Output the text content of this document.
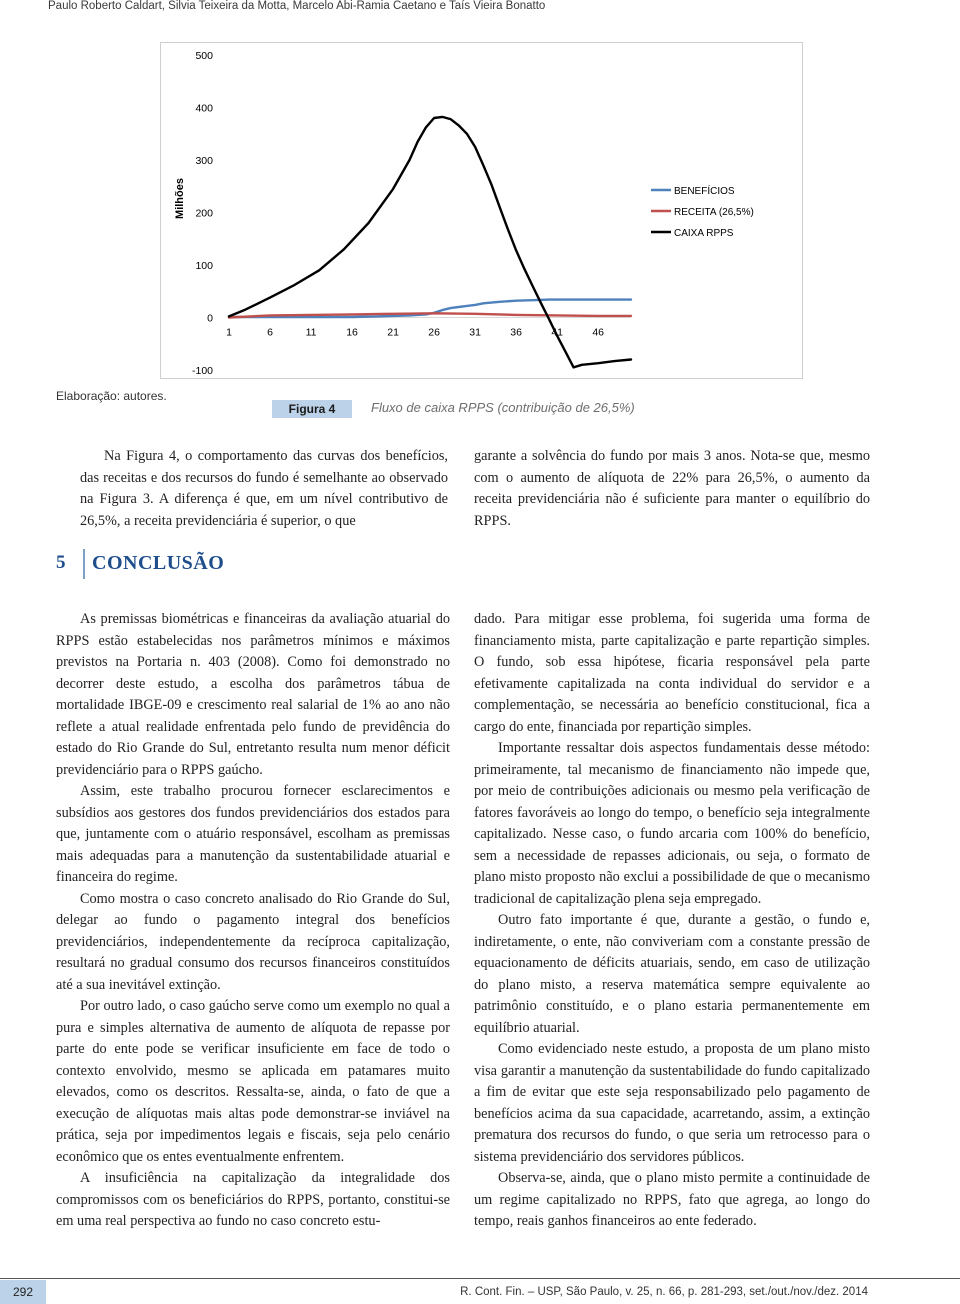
Paulo Roberto Caldart, Silvia Teixeira da Motta, Marcelo Abi-Ramia Caetano e Taís Vieira Bonatto
500
400
300
200
100
0
-100
1	6	11	16	21	26	31	36	41	46
Milhões	BENEFÍCIOS
RECEITA (26,5%)
CAIXA RPPS
Elaboração: autores.
Figura 4	Fluxo de caixa RPPS (contribuição de 26,5%)

Na Figura 4, o comportamento das curvas dos benefícios, das receitas e dos recursos do fundo é semelhante ao observado na Figura 3. A diferença é que, em um nível contributivo de 26,5%, a receita previdenciária é superior, o que

garante a solvência do fundo por mais 3 anos. Nota-se que, mesmo com o aumento de alíquota de 22% para 26,5%, o aumento da receita previdenciária não é suficiente para manter o equilíbrio do RPPS.

5	CONCLUSÃO

As premissas biométricas e financeiras da avaliação atuarial do RPPS estão estabelecidas nos parâmetros mínimos e máximos previstos na Portaria n. 403 (2008). Como foi demonstrado no decorrer deste estudo, a escolha dos parâmetros tábua de mortalidade IBGE-09 e crescimento real salarial de 1% ao ano não reflete a atual realidade enfrentada pelo fundo de previdência do estado do Rio Grande do Sul, entretanto resulta num menor déficit previdenciário para o RPPS gaúcho.

Assim, este trabalho procurou fornecer esclarecimentos e subsídios aos gestores dos fundos previdenciários dos estados para que, juntamente com o atuário responsável, escolham as premissas mais adequadas para a manutenção da sustentabilidade atuarial e financeira do regime.

Como mostra o caso concreto analisado do Rio Grande do Sul, delegar ao fundo o pagamento integral dos benefícios previdenciários, independentemente da recíproca capitalização, resultará no gradual consumo dos recursos financeiros constituídos até a sua inevitável extinção.

Por outro lado, o caso gaúcho serve como um exemplo no qual a pura e simples alternativa de aumento de alíquota de repasse por parte do ente pode se verificar insuficiente em face de todo o contexto envolvido, mesmo se aplicada em patamares muito elevados, como os descritos. Ressalta-se, ainda, o fato de que a execução de alíquotas mais altas pode demonstrar-se inviável na prática, seja por impedimentos legais e fiscais, seja pelo cenário econômico que os entes eventualmente enfrentem.

A insuficiência na capitalização da integralidade dos compromissos com os beneficiários do RPPS, portanto, constitui-se em uma real perspectiva ao fundo no caso concreto estu-

dado. Para mitigar esse problema, foi sugerida uma forma de financiamento mista, parte capitalização e parte repartição simples. O fundo, sob essa hipótese, ficaria responsável pela parte efetivamente capitalizada na conta individual do servidor e a complementação, se necessária ao benefício constitucional, fica a cargo do ente, financiada por repartição simples.

Importante ressaltar dois aspectos fundamentais desse método: primeiramente, tal mecanismo de financiamento não impede que, por meio de contribuições adicionais ou mesmo pela verificação de fatores favoráveis ao longo do tempo, o benefício seja integralmente capitalizado. Nesse caso, o fundo arcaria com 100% do benefício, sem a necessidade de repasses adicionais, ou seja, o formato de plano misto proposto não exclui a possibilidade de que o mecanismo tradicional de capitalização plena seja empregado.

Outro fato importante é que, durante a gestão, o fundo e, indiretamente, o ente, não conviveriam com a constante pressão de equacionamento de déficits atuariais, sendo, em caso de utilização do plano misto, a reserva matemática sempre equivalente ao patrimônio constituído, e o plano estaria permanentemente em equilíbrio atuarial.

Como evidenciado neste estudo, a proposta de um plano misto visa garantir a manutenção da sustentabilidade do fundo capitalizado a fim de evitar que este seja responsabilizado pelo pagamento de benefícios acima da sua capacidade, acarretando, assim, a extinção prematura dos recursos do fundo, o que seria um retrocesso para o sistema previdenciário dos servidores públicos.

Observa-se, ainda, que o plano misto permite a continuidade de um regime capitalizado no RPPS, fato que agrega, ao longo do tempo, reais ganhos financeiros ao ente federado.

292	R. Cont. Fin. – USP, São Paulo, v. 25, n. 66, p. 281-293, set./out./nov./dez. 2014
